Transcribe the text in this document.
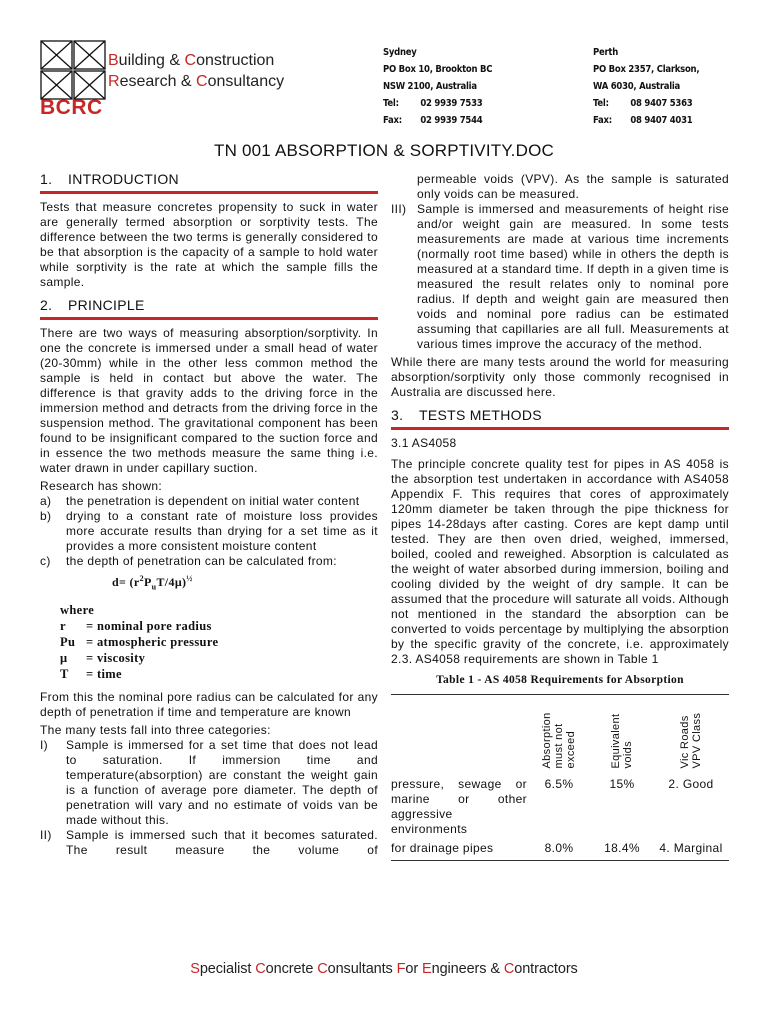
Building & Construction
Research & Consultancy
BCRC
Sydney
PO Box 10, Brookton BC
NSW 2100, Australia
Tel:	02 9939 7533
Fax:	02 9939 7544
Perth
PO Box 2357, Clarkson,
WA 6030, Australia
Tel:	08 9407 5363
Fax:	08 9407 4031
TN 001 ABSORPTION & SORPTIVITY.DOC
1.	INTRODUCTION

Tests that measure concretes propensity to suck in water are generally termed absorption or sorptivity tests. The difference between the two terms is generally considered to be that absorption is the capacity of a sample to hold water while sorptivity is the rate at which the sample fills the sample.

2.	PRINCIPLE

There are two ways of measuring absorption/sorptivity. In one the concrete is immersed under a small head of water (20-30mm) while in the other less common method the sample is held in contact but above the water. The difference is that gravity adds to the driving force in the immersion method and detracts from the driving force in the suspension method. The gravitational component has been found to be insignificant compared to the suction force and in essence the two methods measure the same thing i.e. water drawn in under capillary suction.

Research has shown:
a)	the penetration is dependent on initial water content
b)	drying to a constant rate of moisture loss provides more accurate results than drying for a set time as it provides a more consistent moisture content
c)	the depth of penetration can be calculated from:
$d= (r^2P_uT/4\mu)^{\frac{1}{2}}$
where
r	= nominal pore radius
Pu = atmospheric pressure
μ	= viscosity
T	= time

From this the nominal pore radius can be calculated for any depth of penetration if time and temperature are known

The many tests fall into three categories:
I)	Sample is immersed for a set time that does not lead to saturation. If immersion time and temperature(absorption) are constant the weight gain is a function of average pore diameter. The depth of penetration will vary and no estimate of voids van be made without this.
II)	Sample is immersed such that it becomes saturated. The result measure the volume of
permeable voids (VPV). As the sample is saturated only voids can be measured.
III) Sample is immersed and measurements of height rise and/or weight gain are measured. In some tests measurements are made at various time increments (normally root time based) while in others the depth is measured at a standard time. If depth in a given time is measured the result relates only to nominal pore radius. If depth and weight gain are measured then voids and nominal pore radius can be estimated assuming that capillaries are all full. Measurements at various times improve the accuracy of the method.

While there are many tests around the world for measuring absorption/sorptivity only those commonly recognised in Australia are discussed here.

3.	TESTS METHODS
3.1 AS4058

The principle concrete quality test for pipes in AS 4058 is the absorption test undertaken in accordance with AS4058 Appendix F. This requires that cores of approximately 120mm diameter be taken through the pipe thickness for pipes 14-28days after casting. Cores are kept damp until tested. They are then oven dried, weighed, immersed, boiled, cooled and reweighed. Absorption is calculated as the weight of water absorbed during immersion, boiling and cooling divided by the weight of dry sample. It can be assumed that the procedure will saturate all voids. Although not mentioned in the standard the absorption can be converted to voids percentage by multiplying the absorption by the specific gravity of the concrete, i.e. approximately 2.3. AS4058 requirements are shown in Table 1

Table 1 - AS 4058 Requirements for Absorption

	Absorption must not exceed	Equivalent voids	Vic Roads VPV Class

pressure, sewage or marine or other aggressive environments	6.5%	15%	2. Good
for drainage pipes	8.0%	18.4%	4. Marginal
Specialist Concrete Consultants For Engineers & Contractors
